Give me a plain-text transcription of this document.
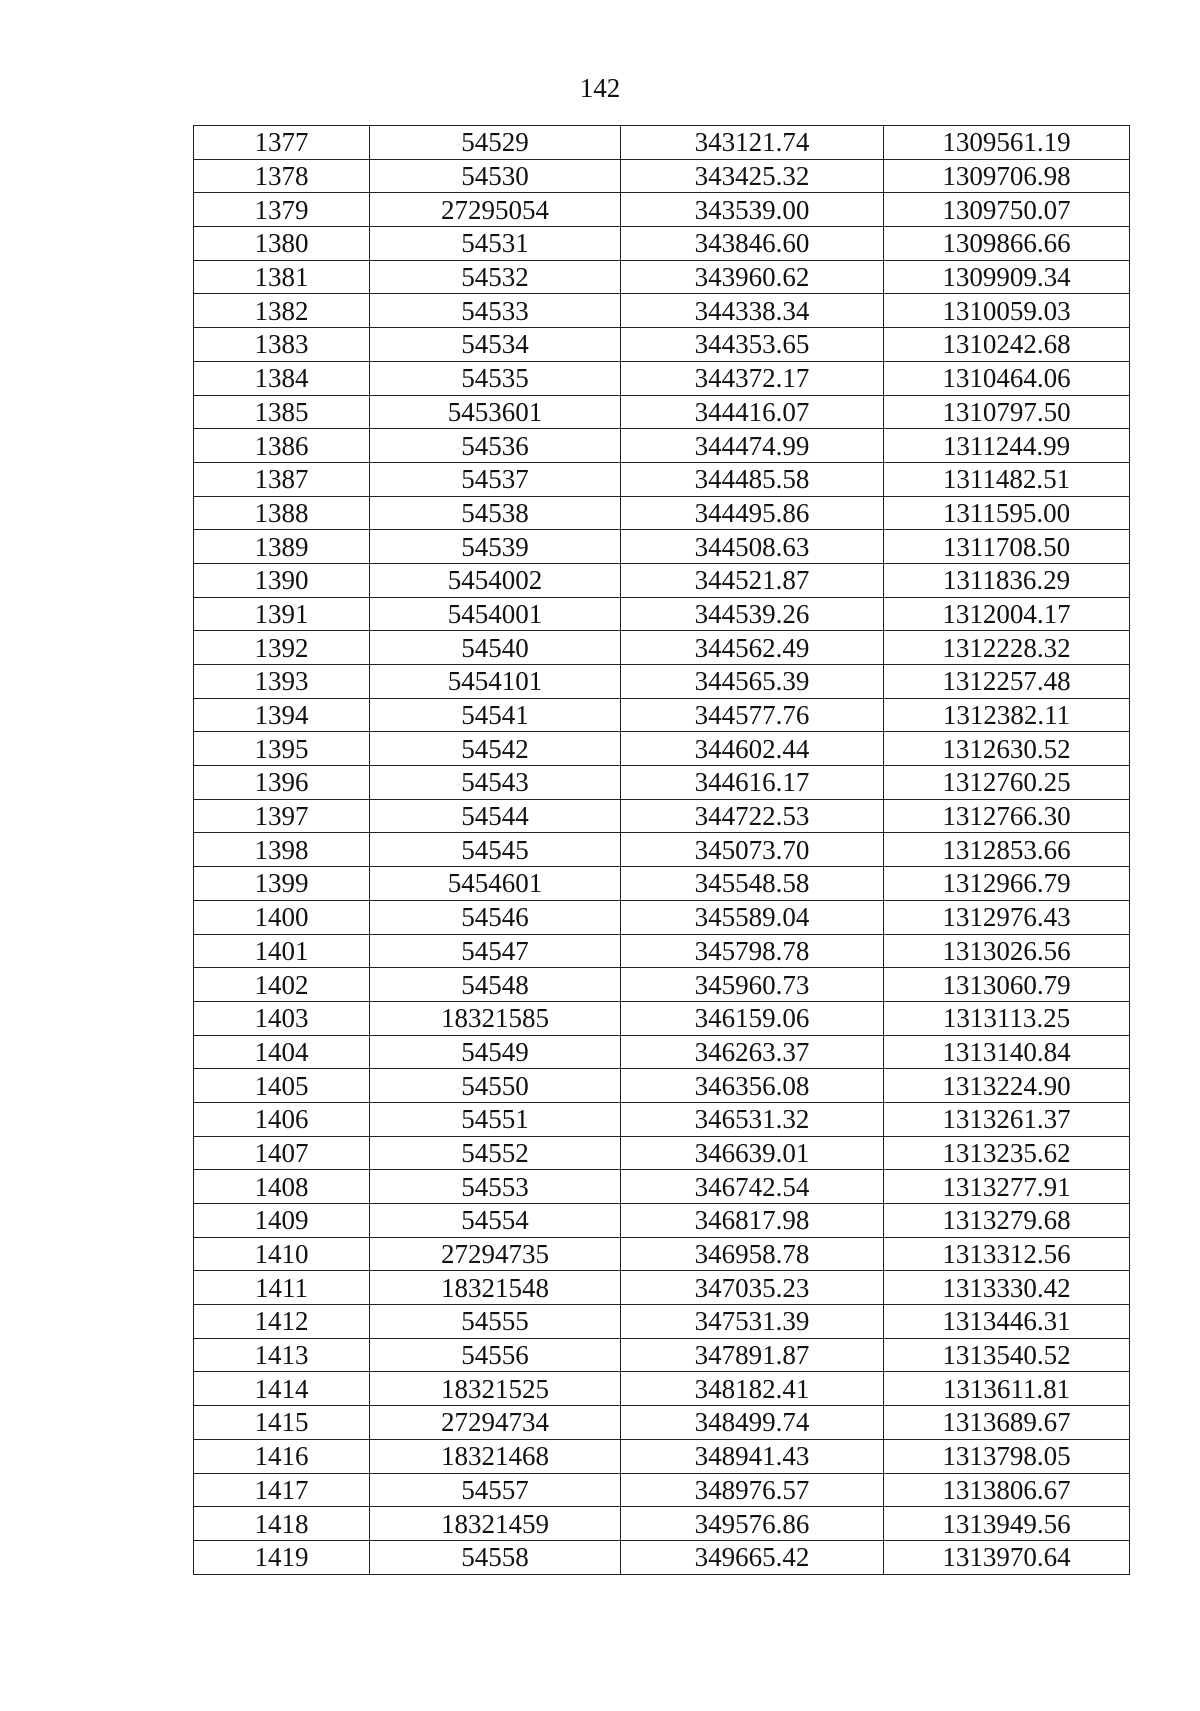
142
1377	54529	343121.74	1309561.19
1378	54530	343425.32	1309706.98
1379	27295054	343539.00	1309750.07
1380	54531	343846.60	1309866.66
1381	54532	343960.62	1309909.34
1382	54533	344338.34	1310059.03
1383	54534	344353.65	1310242.68
1384	54535	344372.17	1310464.06
1385	5453601	344416.07	1310797.50
1386	54536	344474.99	1311244.99
1387	54537	344485.58	1311482.51
1388	54538	344495.86	1311595.00
1389	54539	344508.63	1311708.50
1390	5454002	344521.87	1311836.29
1391	5454001	344539.26	1312004.17
1392	54540	344562.49	1312228.32
1393	5454101	344565.39	1312257.48
1394	54541	344577.76	1312382.11
1395	54542	344602.44	1312630.52
1396	54543	344616.17	1312760.25
1397	54544	344722.53	1312766.30
1398	54545	345073.70	1312853.66
1399	5454601	345548.58	1312966.79
1400	54546	345589.04	1312976.43
1401	54547	345798.78	1313026.56
1402	54548	345960.73	1313060.79
1403	18321585	346159.06	1313113.25
1404	54549	346263.37	1313140.84
1405	54550	346356.08	1313224.90
1406	54551	346531.32	1313261.37
1407	54552	346639.01	1313235.62
1408	54553	346742.54	1313277.91
1409	54554	346817.98	1313279.68
1410	27294735	346958.78	1313312.56
1411	18321548	347035.23	1313330.42
1412	54555	347531.39	1313446.31
1413	54556	347891.87	1313540.52
1414	18321525	348182.41	1313611.81
1415	27294734	348499.74	1313689.67
1416	18321468	348941.43	1313798.05
1417	54557	348976.57	1313806.67
1418	18321459	349576.86	1313949.56
1419	54558	349665.42	1313970.64
